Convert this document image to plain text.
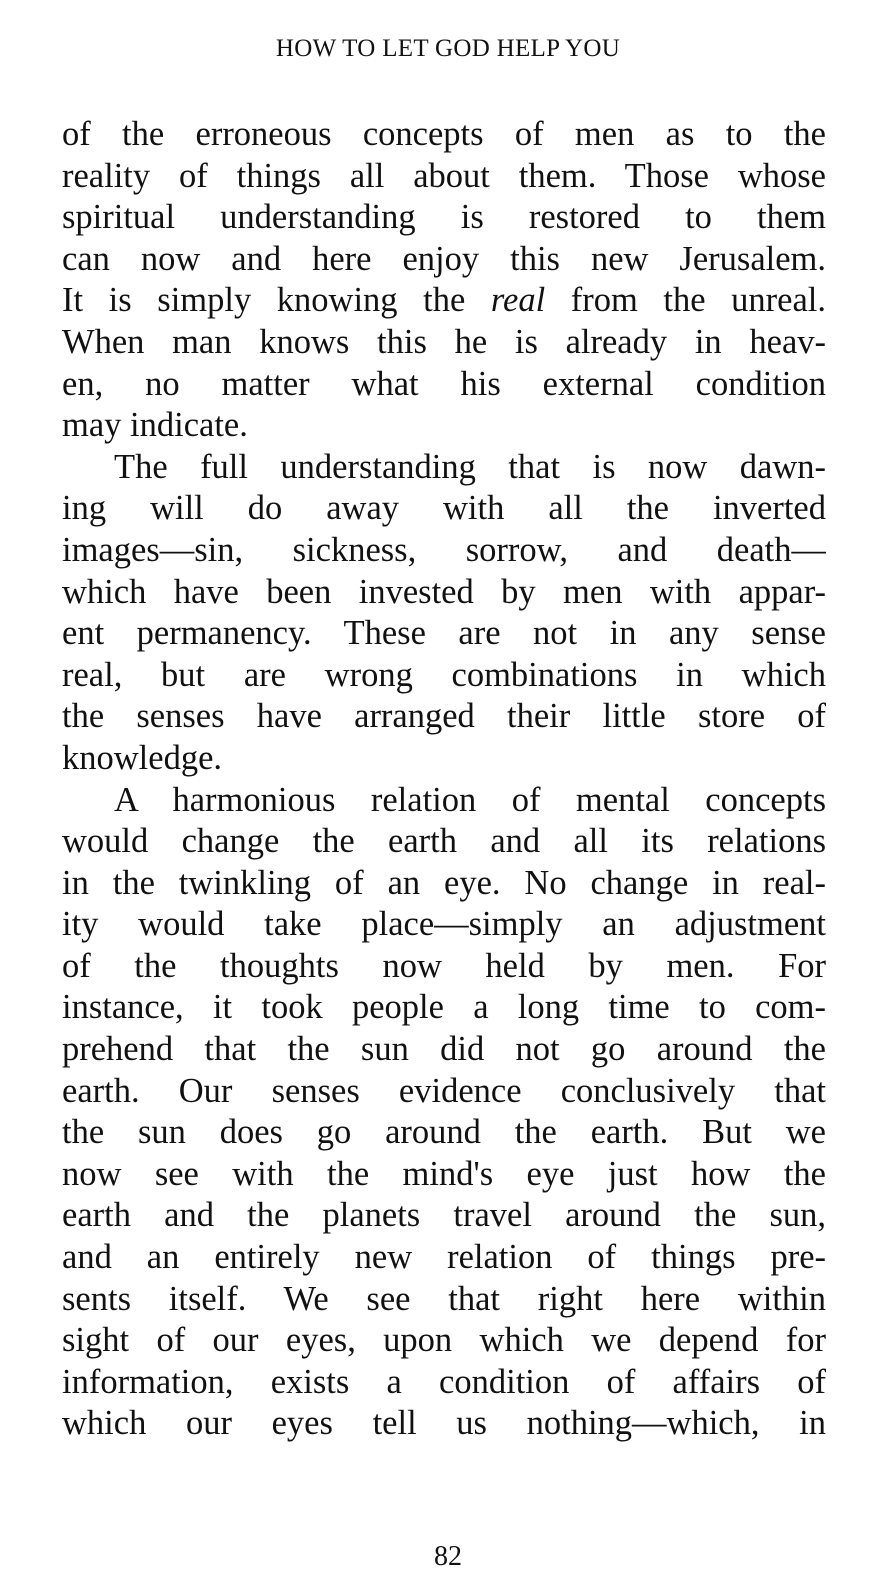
HOW TO LET GOD HELP YOU
of the erroneous concepts of men as to the
reality of things all about them. Those whose
spiritual understanding is restored to them
can now and here enjoy this new Jerusalem.
It is simply knowing the real from the unreal.
When man knows this he is already in heav-
en, no matter what his external condition
may indicate.
The full understanding that is now dawn-
ing will do away with all the inverted
images—sin, sickness, sorrow, and death—
which have been invested by men with appar-
ent permanency. These are not in any sense
real, but are wrong combinations in which
the senses have arranged their little store of
knowledge.
A harmonious relation of mental concepts
would change the earth and all its relations
in the twinkling of an eye. No change in real-
ity would take place—simply an adjustment
of the thoughts now held by men. For
instance, it took people a long time to com-
prehend that the sun did not go around the
earth. Our senses evidence conclusively that
the sun does go around the earth. But we
now see with the mind's eye just how the
earth and the planets travel around the sun,
and an entirely new relation of things pre-
sents itself. We see that right here within
sight of our eyes, upon which we depend for
information, exists a condition of affairs of
which our eyes tell us nothing—which, in
82
